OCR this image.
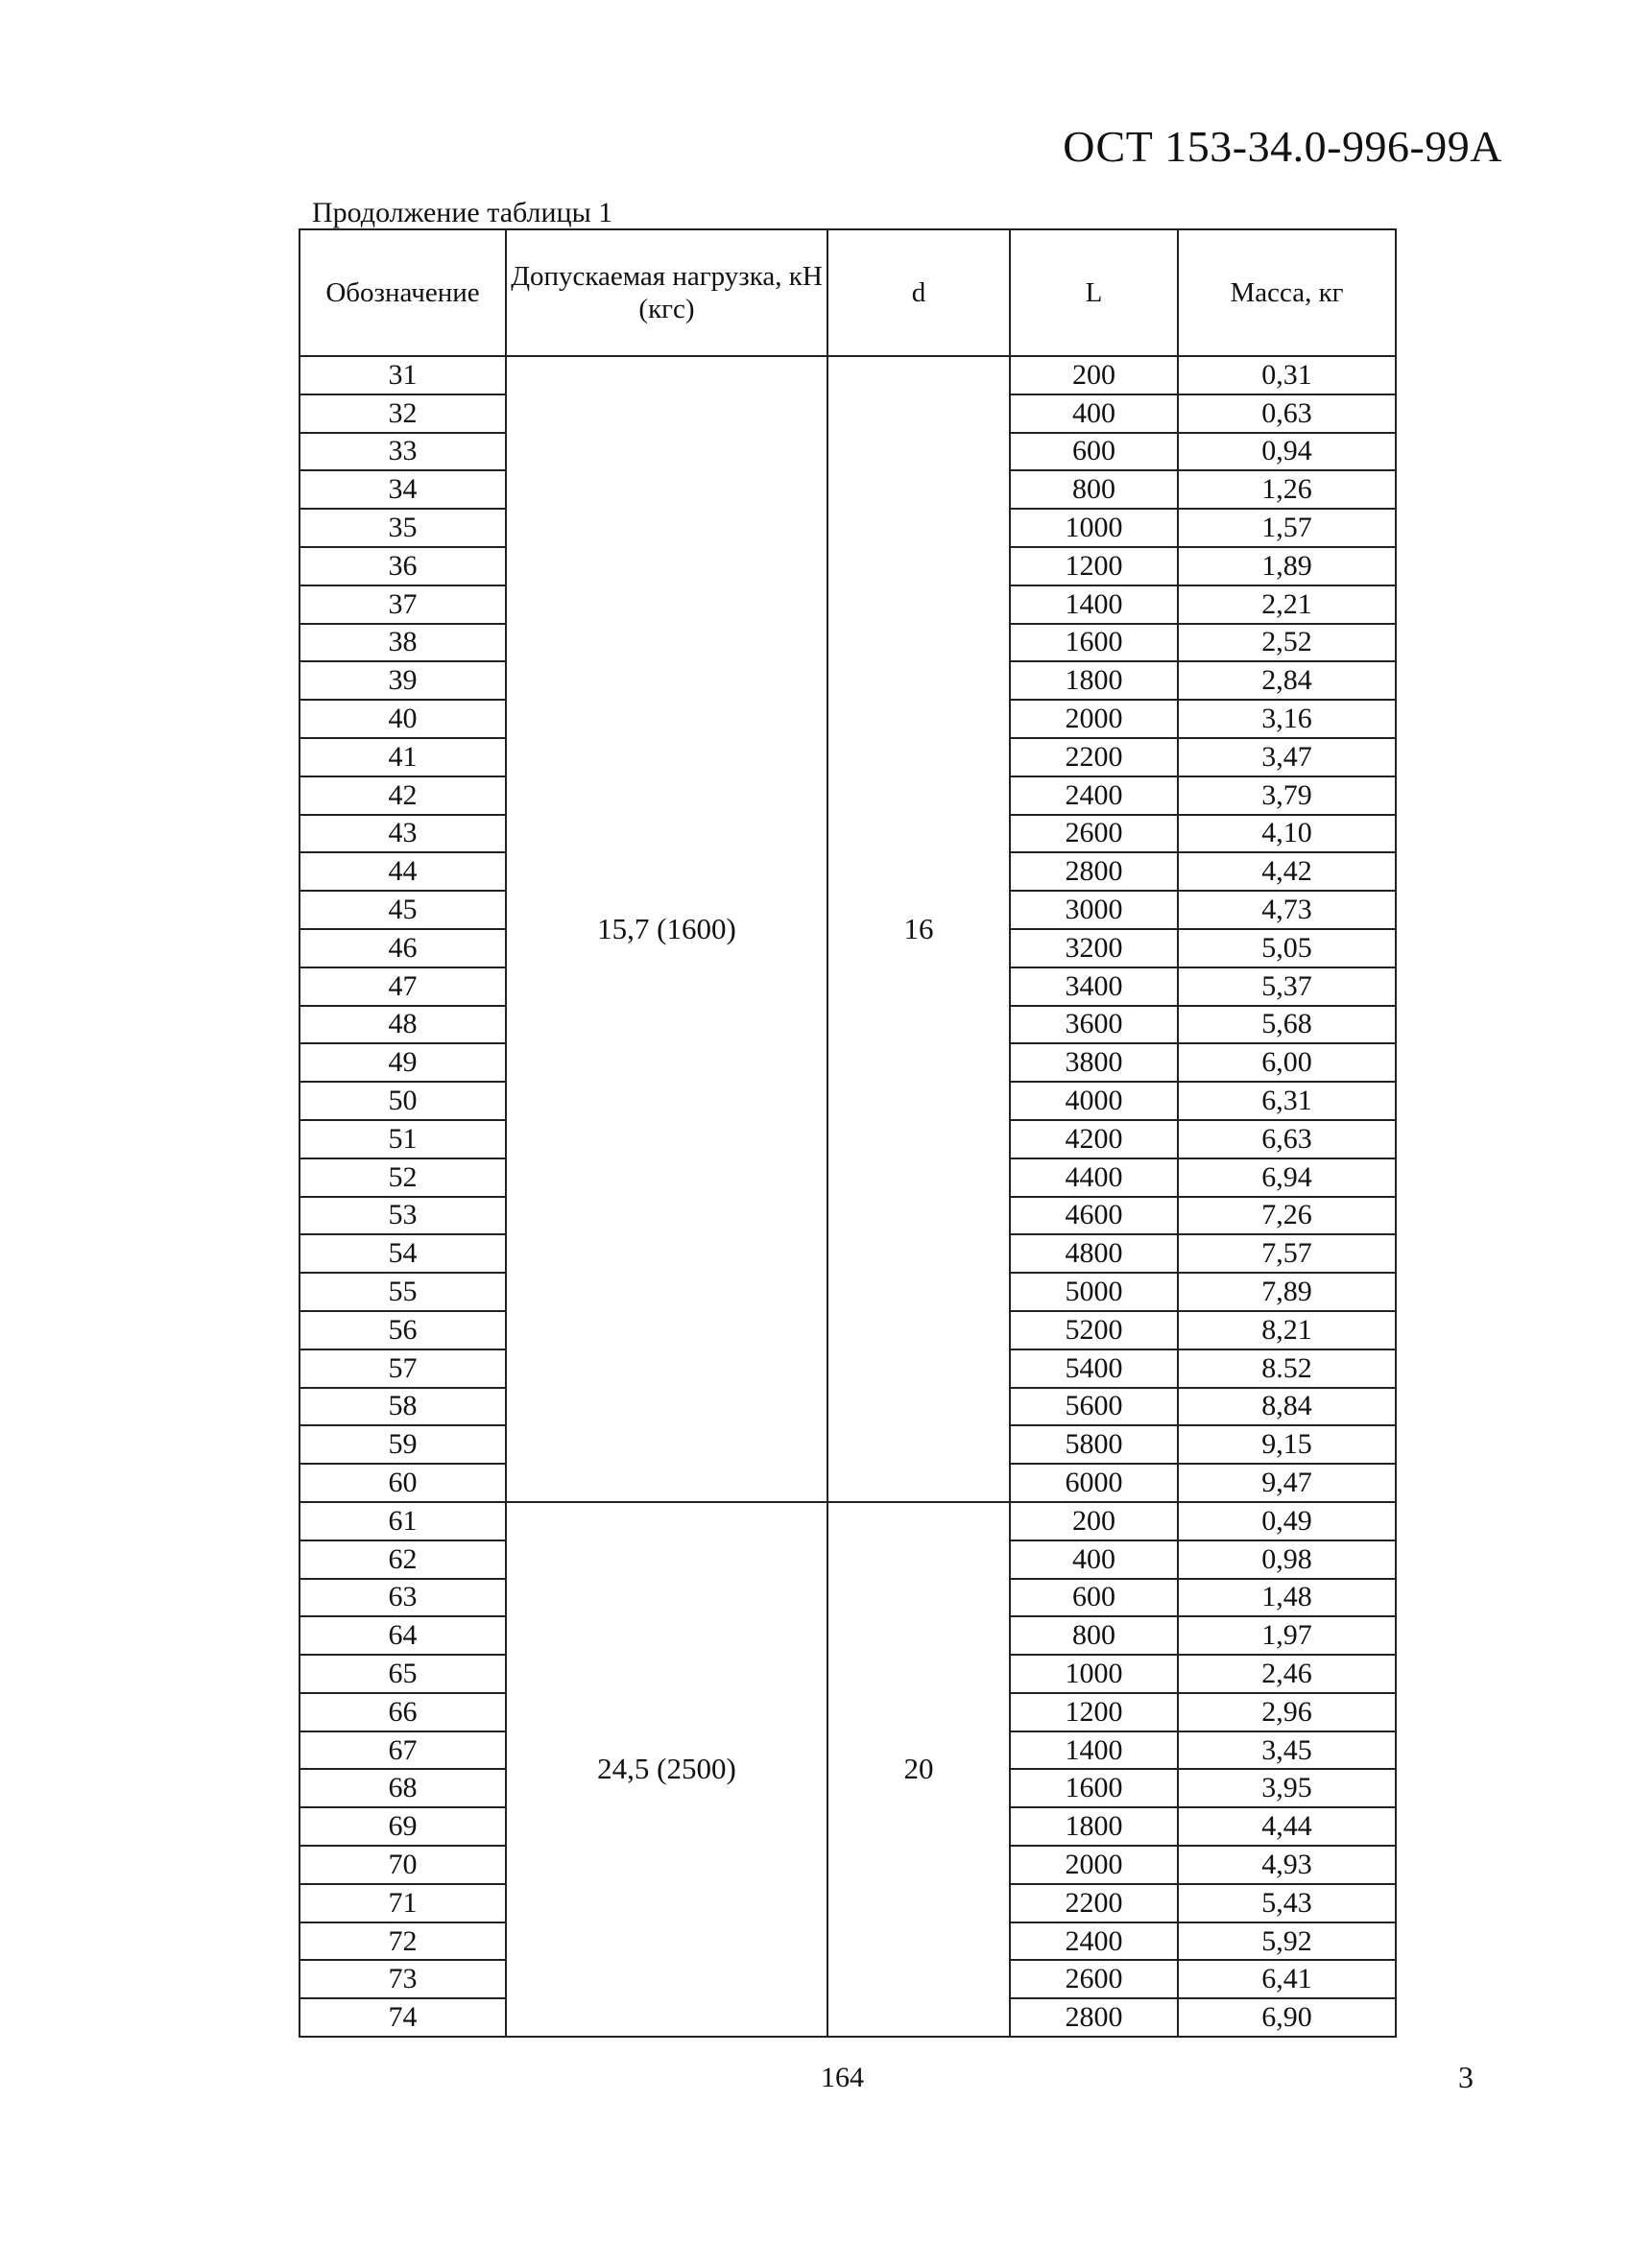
ОСТ 153-34.0-996-99А
Продолжение таблицы 1
Обозначение	Допускаемая нагрузка, кН (кгс)	d	L	Масса, кг
31	15,7 (1600)	16	200	0,31
32			400	0,63
33			600	0,94
34			800	1,26
35			1000	1,57
36			1200	1,89
37			1400	2,21
38			1600	2,52
39			1800	2,84
40			2000	3,16
41			2200	3,47
42			2400	3,79
43			2600	4,10
44			2800	4,42
45			3000	4,73
46			3200	5,05
47			3400	5,37
48			3600	5,68
49			3800	6,00
50			4000	6,31
51			4200	6,63
52			4400	6,94
53			4600	7,26
54			4800	7,57
55			5000	7,89
56			5200	8,21
57			5400	8.52
58			5600	8,84
59			5800	9,15
60			6000	9,47
61	24,5 (2500)	20	200	0,49
62			400	0,98
63			600	1,48
64			800	1,97
65			1000	2,46
66			1200	2,96
67			1400	3,45
68			1600	3,95
69			1800	4,44
70			2000	4,93
71			2200	5,43
72			2400	5,92
73			2600	6,41
74			2800	6,90
164	3
